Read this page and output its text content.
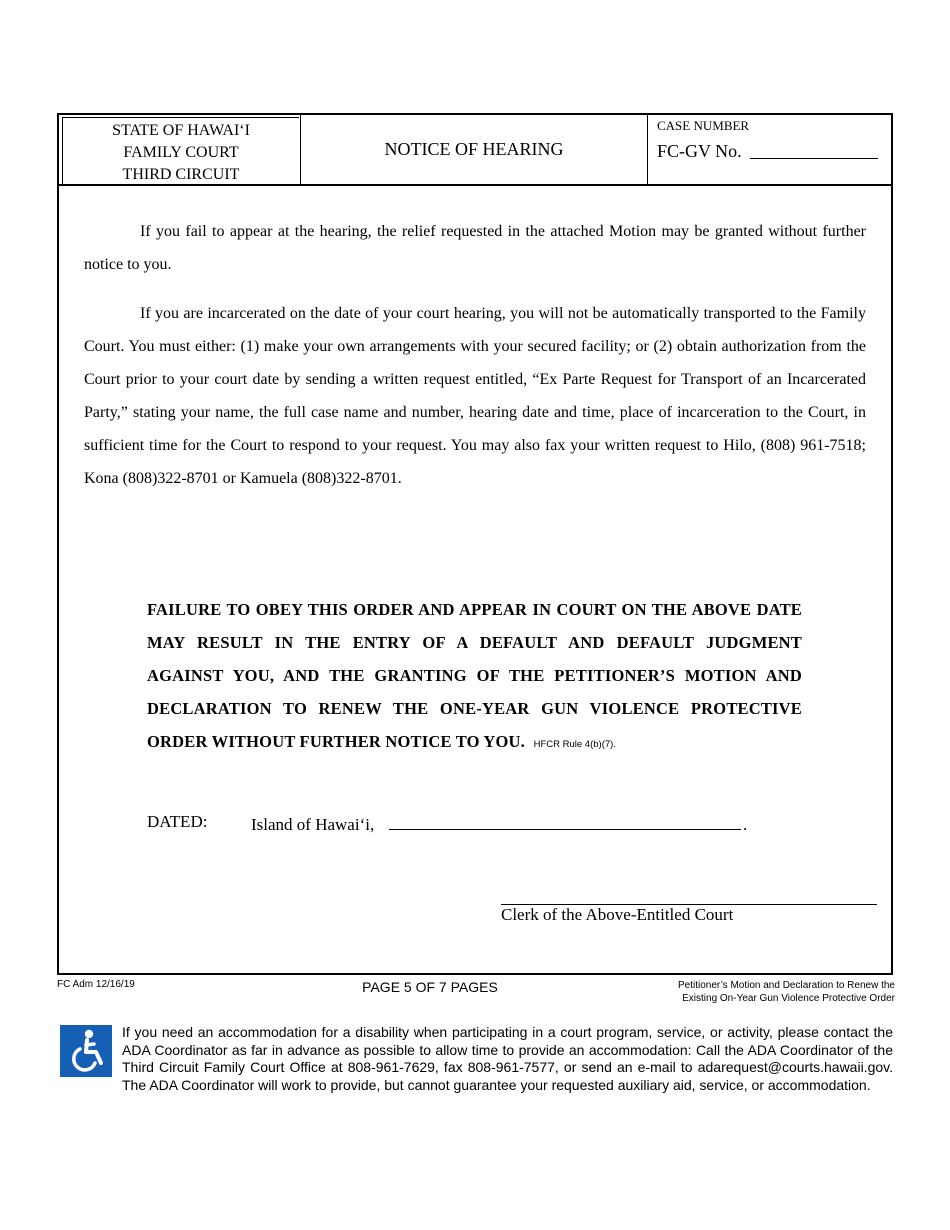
STATE OF HAWAI‘I
FAMILY COURT
THIRD CIRCUIT
NOTICE OF HEARING
CASE NUMBER
FC-GV No.

If you fail to appear at the hearing, the relief requested in the attached Motion may be granted without further notice to you.

If you are incarcerated on the date of your court hearing, you will not be automatically transported to the Family Court. You must either: (1) make your own arrangements with your secured facility; or (2) obtain authorization from the Court prior to your court date by sending a written request entitled, “Ex Parte Request for Transport of an Incarcerated Party,” stating your name, the full case name and number, hearing date and time, place of incarceration to the Court, in sufficient time for the Court to respond to your request. You may also fax your written request to Hilo, (808) 961-7518; Kona (808)322-8701 or Kamuela (808)322-8701.

FAILURE TO OBEY THIS ORDER AND APPEAR IN COURT ON THE ABOVE DATE MAY RESULT IN THE ENTRY OF A DEFAULT AND DEFAULT JUDGMENT AGAINST YOU, AND THE GRANTING OF THE PETITIONER’S MOTION AND DECLARATION TO RENEW THE ONE-YEAR GUN VIOLENCE PROTECTIVE ORDER WITHOUT FURTHER NOTICE TO YOU. HFCR Rule 4(b)(7).
DATED:	Island of Hawai‘i,	.
Clerk of the Above-Entitled Court
FC Adm 12/16/19	PAGE 5 OF 7 PAGES	Petitioner’s Motion and Declaration to Renew the
Existing On-Year Gun Violence Protective Order
If you need an accommodation for a disability when participating in a court program, service, or activity, please contact the ADA Coordinator as far in advance as possible to allow time to provide an accommodation: Call the ADA Coordinator of the Third Circuit Family Court Office at 808-961-7629, fax 808-961-7577, or send an e-mail to adarequest@courts.hawaii.gov. The ADA Coordinator will work to provide, but cannot guarantee your requested auxiliary aid, service, or accommodation.
